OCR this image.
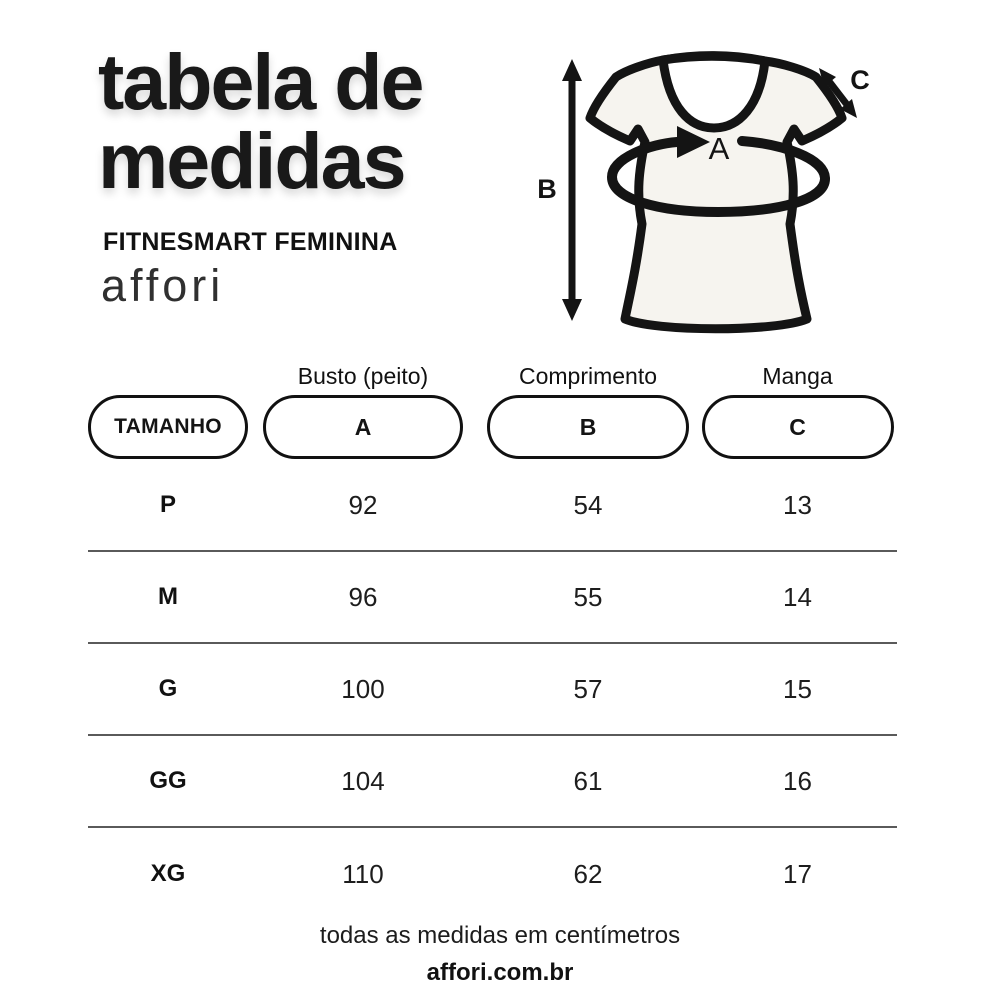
tabela de
medidas
FITNESMART FEMININA
affori
B
A
C
Busto (peito)	Comprimento	Manga
TAMANHO	A	B	C
P	92	54	13
M	96	55	14
G	100	57	15
GG	104	61	16
XG	110	62	17
todas as medidas em centímetros
affori.com.br
